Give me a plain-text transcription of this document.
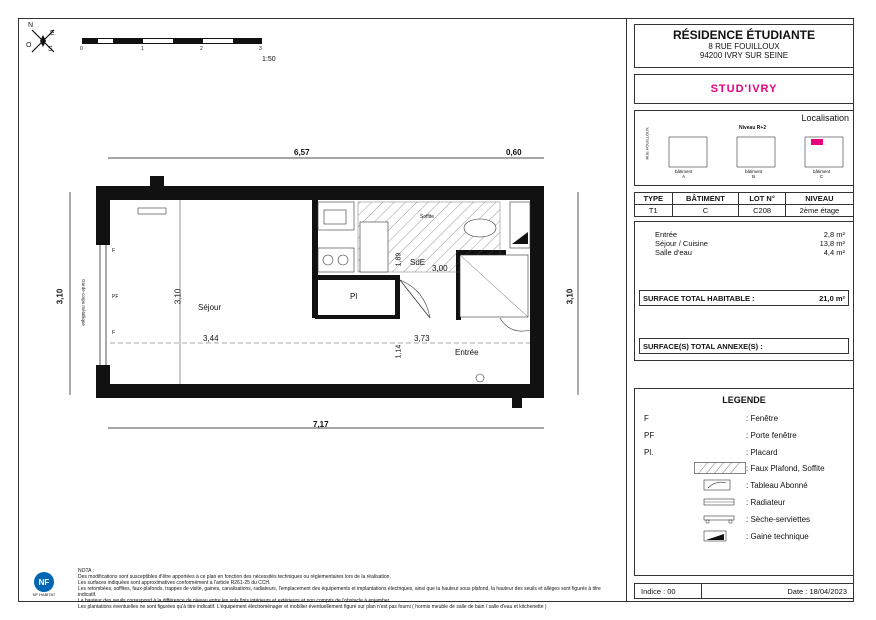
N
E
S
O	0	1	2	3
1:50
6,57	0,60
7,17
3,10	3,10
3,10
3,44	3,73
3,00
1,89
1,14
Séjour
Entrée
SdE
Pl
Soffite
PF
F
F
Garde-corps métallique
RÉSIDENCE ÉTUDIANTE
8 RUE FOUILLOUX
94200 IVRY SUR SEINE
STUD'IVRY
Localisation
Niveau R+2
RUE FOUILLOUX
bâtiment
A
bâtiment
B
bâtiment
C
TYPE	BÂTIMENT	LOT N°	NIVEAU
T1	C	C208	2ème étage
Entrée	2,8 m²
Séjour / Cuisine	13,8 m²
Salle d'eau	4,4 m²
SURFACE TOTAL HABITABLE :	21,0 m²
SURFACE(S) TOTAL ANNEXE(S) :
LEGENDE
F	: Fenêtre
PF	: Porte fenêtre
Pl.	: Placard
: Faux Plafond, Soffite
: Tableau Abonné
: Radiateur
: Sèche-serviettes
: Gaine technique
Indice : 00	Date : 18/04/2023
NF
NF HABITAT
NOTA :
Des modifications sont susceptibles d'être apportées à ce plan en fonction des nécessités techniques ou réglementaires lors de la réalisation.
Les surfaces indiquées sont approximatives conformément à l'article R261-25 du CCH.
Les retombées, soffites, faux-plafonds, trappes de visite, gaines, canalisations, radiateurs, l'emplacement des équipements et implantations électriques, ainsi que la hauteur sous plafond, la hauteur des seuils et allèges sont figurés à titre indicatif.
La hauteur des seuils correspond à la différence de niveau entre les sols finis intérieurs et extérieurs et non compris de l'obstacle à enjamber.
Les plantations éventuelles ne sont figurées qu'à titre indicatif. L'équipement électroménager et mobilier éventuellement figuré sur plan n'est pas fourni ( hormis meuble de salle de bain / salle d'eau et kitchenette )
